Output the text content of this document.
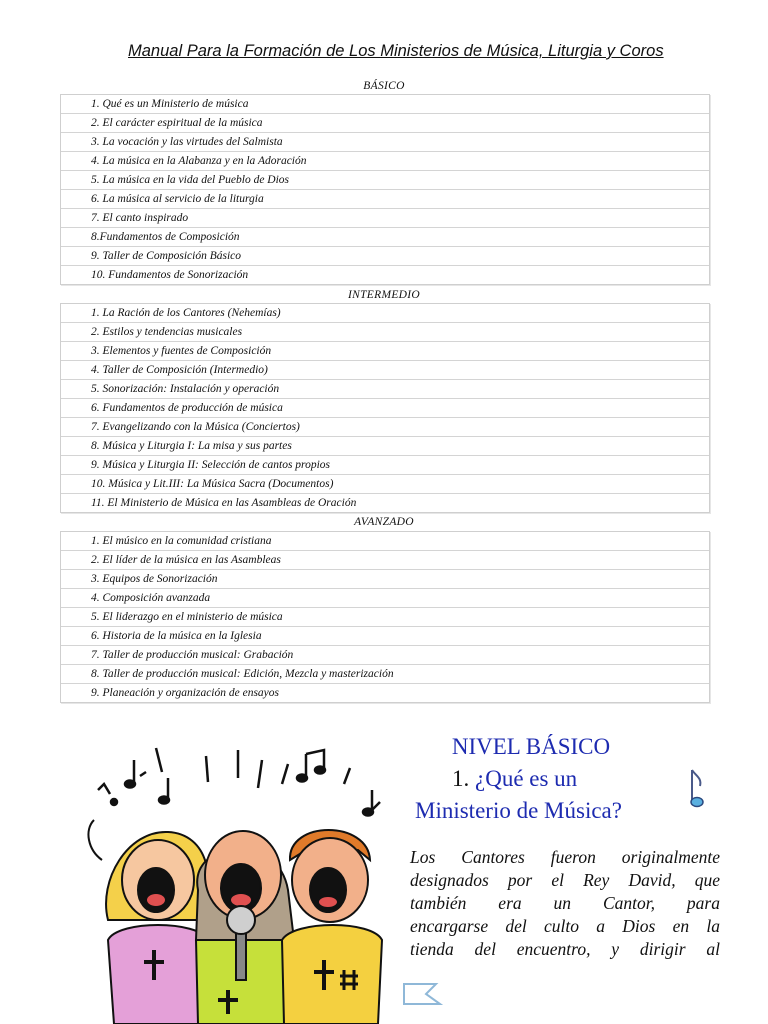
Manual Para la Formación de Los Ministerios de Música, Liturgia y Coros
BÁSICO
1. Qué es un Ministerio de música
2. El carácter espiritual de la música
3. La vocación y las virtudes del Salmista
4. La música en la Alabanza y en la Adoración
5. La música en la vida del Pueblo de Dios
6. La música al servicio de la liturgia
7. El canto inspirado
8.Fundamentos de Composición
9. Taller de Composición Básico
10. Fundamentos de Sonorización
INTERMEDIO
1. La Ración de los Cantores (Nehemías)
2. Estilos y tendencias musicales
3. Elementos y fuentes de Composición
4. Taller de Composición (Intermedio)
5. Sonorización: Instalación y operación
6. Fundamentos de producción de música
7. Evangelizando con la Música (Conciertos)
8. Música y Liturgia I: La misa y sus partes
9. Música y Liturgia II: Selección de cantos propios
10. Música y Lit.III: La Música Sacra (Documentos)
11. El Ministerio de Música en las Asambleas de Oración
AVANZADO
1. El músico en la comunidad cristiana
2. El líder de la música en las Asambleas
3. Equipos de Sonorización
4. Composición avanzada
5. El liderazgo en el ministerio de música
6. Historia de la música en la Iglesia
7. Taller de producción musical: Grabación
8. Taller de producción musical: Edición, Mezcla y masterización
9. Planeación y organización de ensayos
NIVEL BÁSICO
1. ¿Qué es un
Ministerio de Música?

Los Cantores fueron originalmente

designados por el Rey David, que

también era un Cantor, para

encargarse del culto a Dios en la

tienda del encuentro, y dirigir al
